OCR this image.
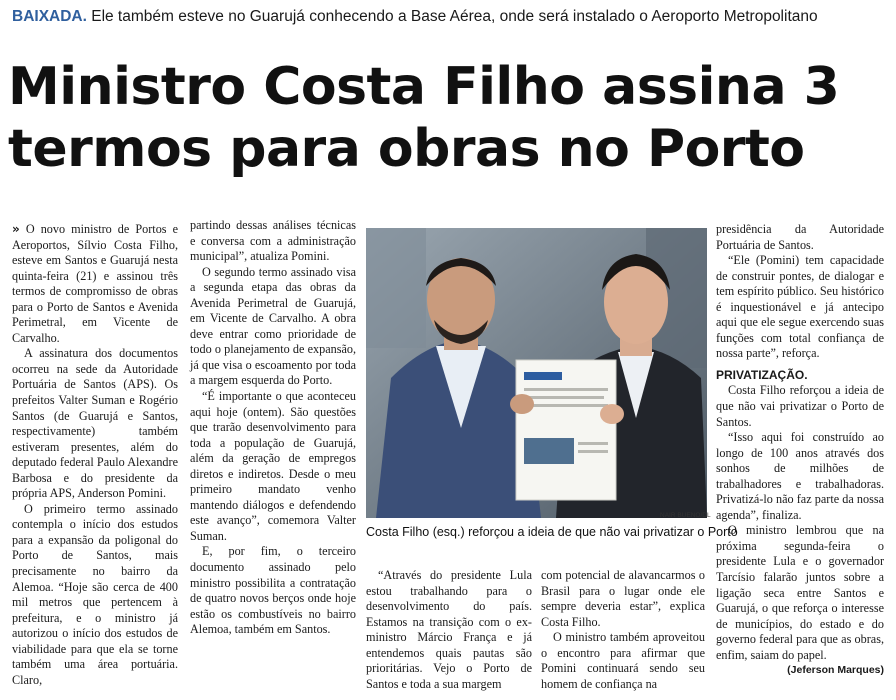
BAIXADA. Ele também esteve no Guarujá conhecendo a Base Aérea, onde será instalado o Aeroporto Metropolitano
Ministro Costa Filho assina 3 termos para obras no Porto

» O novo ministro de Portos e Aeroportos, Sílvio Costa Filho, esteve em Santos e Guarujá nesta quinta-feira (21) e assinou três termos de compromisso de obras para o Porto de Santos e Avenida Perimetral, em Vicente de Carvalho.

A assinatura dos documentos ocorreu na sede da Autoridade Portuária de Santos (APS). Os prefeitos Valter Suman e Rogério Santos (de Guarujá e Santos, respectivamente) também estiveram presentes, além do deputado federal Paulo Alexandre Barbosa e do presidente da própria APS, Anderson Pomini.

O primeiro termo assinado contempla o início dos estudos para a expansão da poligonal do Porto de Santos, mais precisamente no bairro da Alemoa. “Hoje são cerca de 400 mil metros que pertencem à prefeitura, e o ministro já autorizou o início dos estudos de viabilidade para que ela se torne também uma área portuária. Claro,

partindo dessas análises técnicas e conversa com a administração municipal”, atualiza Pomini.

O segundo termo assinado visa a segunda etapa das obras da Avenida Perimetral de Guarujá, em Vicente de Carvalho. A obra deve entrar como prioridade de todo o planejamento de expansão, já que visa o escoamento por toda a margem esquerda do Porto.

“É importante o que aconteceu aqui hoje (ontem). São questões que trarão desenvolvimento para toda a população de Guarujá, além da geração de empregos diretos e indiretos. Desde o meu primeiro mandato venho mantendo diálogos e defendendo este avanço”, comemora Valter Suman.

E, por fim, o terceiro documento assinado pelo ministro possibilita a contratação de quatro novos berços onde hoje estão os combustíveis no bairro Alemoa, também em Santos.

NAIR BUENO/DL
Costa Filho (esq.) reforçou a ideia de que não vai privatizar o Porto

“Através do presidente Lula estou trabalhando para o desenvolvimento do país. Estamos na transição com o ex-ministro Márcio França e já entendemos quais pautas são prioritárias. Vejo o Porto de Santos e toda a sua margem

com potencial de alavancarmos o Brasil para o lugar onde ele sempre deveria estar”, explica Costa Filho.

O ministro também aproveitou o encontro para afirmar que Pomini continuará sendo seu homem de confiança na

presidência da Autoridade Portuária de Santos.

“Ele (Pomini) tem capacidade de construir pontes, de dialogar e tem espírito público. Seu histórico é inquestionável e já antecipo aqui que ele segue exercendo suas funções com total confiança de nossa parte”, reforça.

PRIVATIZAÇÃO.

Costa Filho reforçou a ideia de que não vai privatizar o Porto de Santos.

“Isso aqui foi construído ao longo de 100 anos através dos sonhos de milhões de trabalhadores e trabalhadoras. Privatizá-lo não faz parte da nossa agenda”, finaliza.

O ministro lembrou que na próxima segunda-feira o presidente Lula e o governador Tarcísio falarão juntos sobre a ligação seca entre Santos e Guarujá, o que reforça o interesse de municípios, do estado e do governo federal para que as obras, enfim, saiam do papel.

(Jeferson Marques)
